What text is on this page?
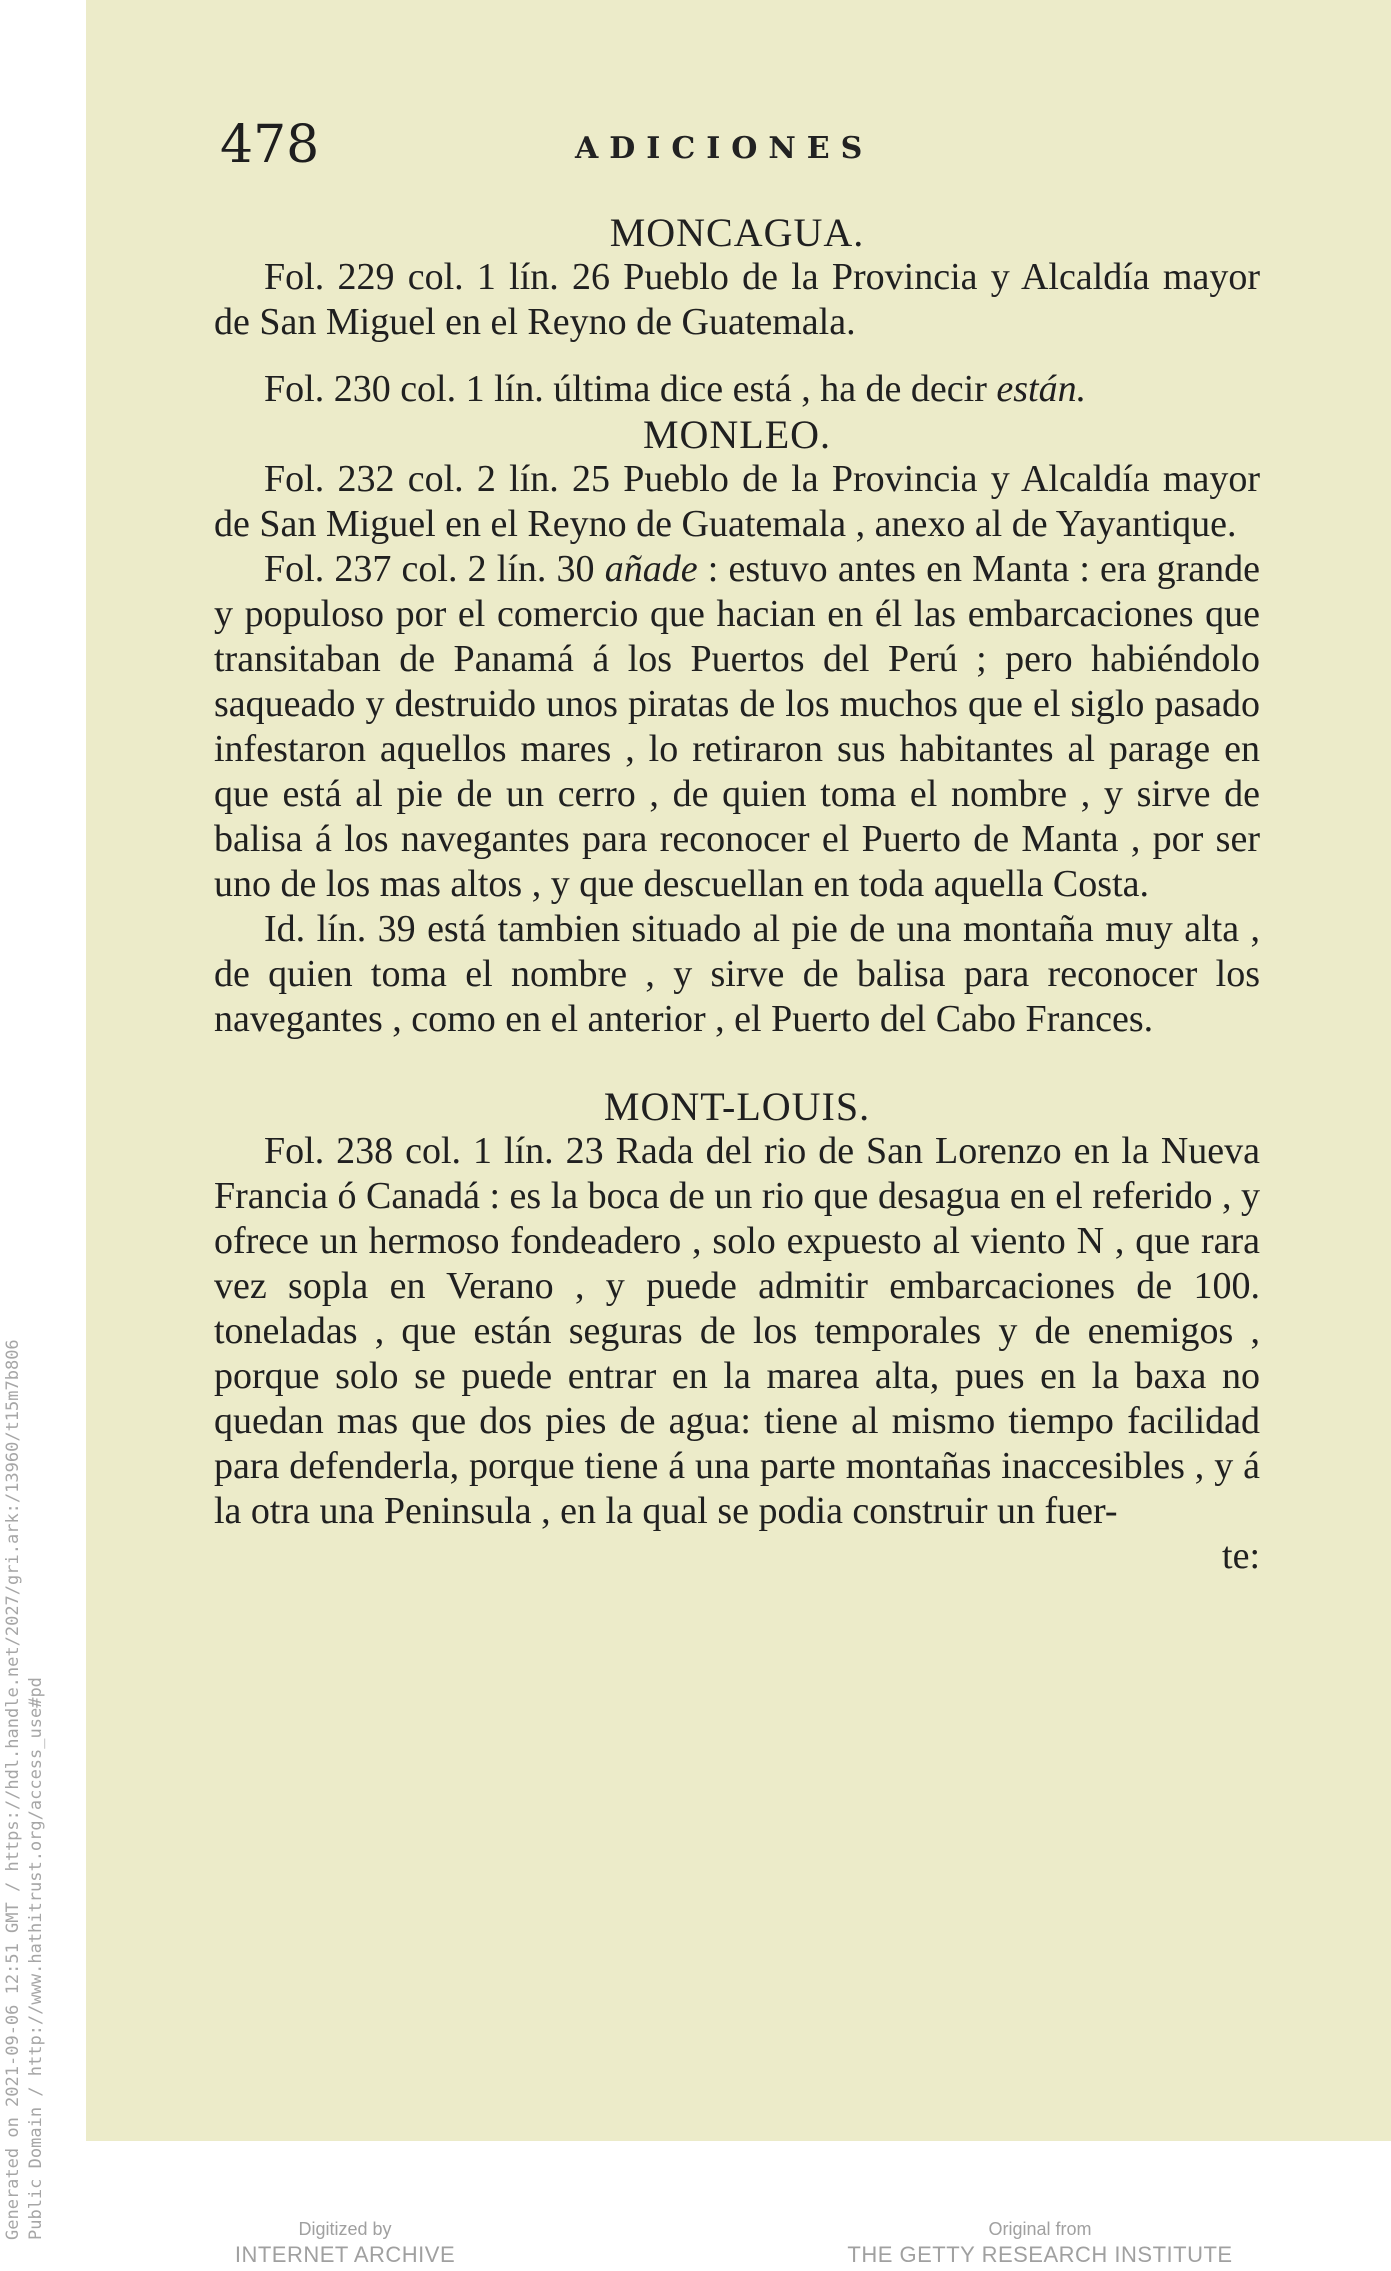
Generated on 2021-09-06 12:51 GMT / https://hdl.handle.net/2027/gri.ark:/13960/t15m7b806 Public Domain / http://www.hathitrust.org/access_use#pd
478	ADICIONES

MONCAGUA.

Fol. 229 col. 1 lín. 26 Pueblo de la Provincia y Alcaldía mayor de San Miguel en el Reyno de Guatemala.

Fol. 230 col. 1 lín. última dice está , ha de decir están.

MONLEO.

Fol. 232 col. 2 lín. 25 Pueblo de la Provincia y Alcaldía mayor de San Miguel en el Reyno de Guatemala , anexo al de Yayantique.

Fol. 237 col. 2 lín. 30 añade : estuvo antes en Manta : era grande y populoso por el comercio que hacian en él las embarcaciones que transitaban de Panamá á los Puertos del Perú ; pero habiéndolo saqueado y destruido unos piratas de los muchos que el siglo pasado infestaron aquellos mares , lo retiraron sus habitantes al parage en que está al pie de un cerro , de quien toma el nombre , y sirve de balisa á los navegantes para reconocer el Puerto de Manta , por ser uno de los mas altos , y que descuellan en toda aquella Costa.

Id. lín. 39 está tambien situado al pie de una montaña muy alta , de quien toma el nombre , y sirve de balisa para reconocer los navegantes , como en el anterior , el Puerto del Cabo Frances.

MONT-LOUIS.

Fol. 238 col. 1 lín. 23 Rada del rio de San Lorenzo en la Nueva Francia ó Canadá : es la boca de un rio que desagua en el referido , y ofrece un hermoso fondeadero , solo expuesto al viento N , que rara vez sopla en Verano , y puede admitir embarcaciones de 100. toneladas , que están seguras de los temporales y de enemigos , porque solo se puede entrar en la marea alta, pues en la baxa no quedan mas que dos pies de agua: tiene al mismo tiempo facilidad para defenderla, porque tiene á una parte montañas inaccesibles , y á la otra una Peninsula , en la qual se podia construir un fuer-

te:

Digitized by
INTERNET ARCHIVE
Original from
THE GETTY RESEARCH INSTITUTE
